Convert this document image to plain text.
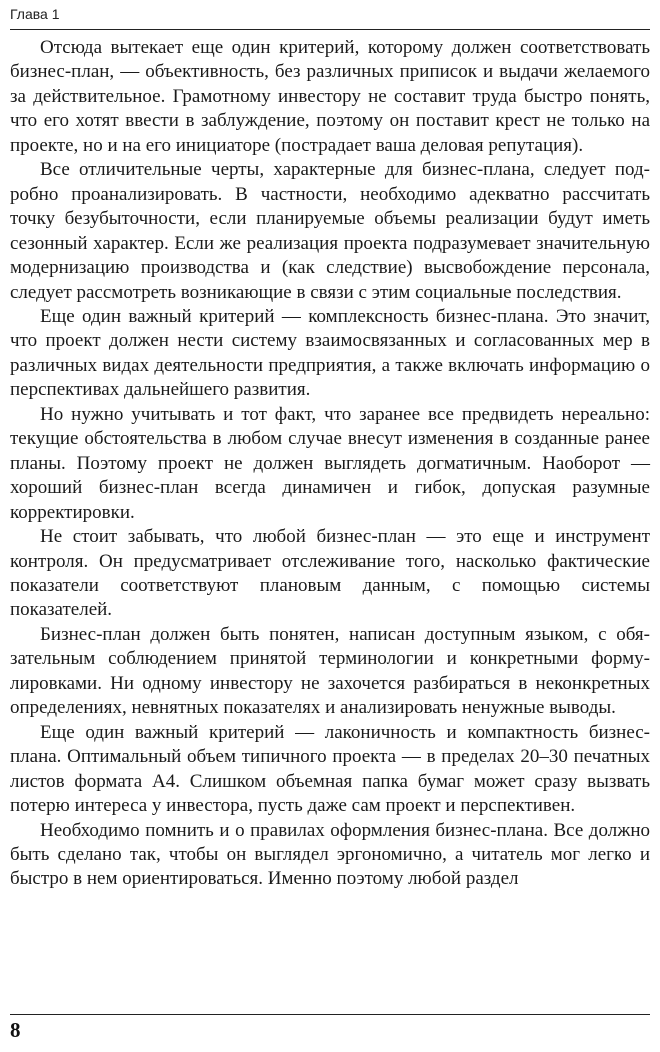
Глава 1

Отсюда вытекает еще один критерий, которому должен соответствовать бизнес-план, — объективность, без различных приписок и выдачи желаемого за действительное. Грамотному инвестору не составит труда быстро понять, что его хотят ввести в заблуждение, поэтому он поставит крест не только на проекте, но и на его инициаторе (пострадает ваша деловая репутация).

Все отличительные черты, характерные для бизнес-плана, следует подробно проанализировать. В частности, необходимо адекватно рассчитать точку безубыточности, если планируемые объемы реализации будут иметь сезонный характер. Если же реализация проекта подразумевает значительную модернизацию производства и (как следствие) высвобождение персонала, следует рассмотреть возникающие в связи с этим социальные последствия.

Еще один важный критерий — комплексность бизнес-плана. Это значит, что проект должен нести систему взаимосвязанных и согласованных мер в различных видах деятельности предприятия, а также включать информацию о перспективах дальнейшего развития.

Но нужно учитывать и тот факт, что заранее все предвидеть нереально: текущие обстоятельства в любом случае внесут изменения в созданные ранее планы. Поэтому проект не должен выглядеть догматичным. Наоборот — хороший бизнес-план всегда динамичен и гибок, допуская разумные корректировки.

Не стоит забывать, что любой бизнес-план — это еще и инструмент контроля. Он предусматривает отслеживание того, насколько фактические показатели соответствуют плановым данным, с помощью системы показателей.

Бизнес-план должен быть понятен, написан доступным языком, с обязательным соблюдением принятой терминологии и конкретными формулировками. Ни одному инвестору не захочется разбираться в неконкретных определениях, невнятных показателях и анализировать ненужные выводы.

Еще один важный критерий — лаконичность и компактность бизнес-плана. Оптимальный объем типичного проекта — в пределах 20–30 печатных листов формата А4. Слишком объемная папка бумаг может сразу вызвать потерю интереса у инвестора, пусть даже сам проект и перспективен.

Необходимо помнить и о правилах оформления бизнес-плана. Все должно быть сделано так, чтобы он выглядел эргономично, а читатель мог легко и быстро в нем ориентироваться. Именно поэтому любой раздел

8
